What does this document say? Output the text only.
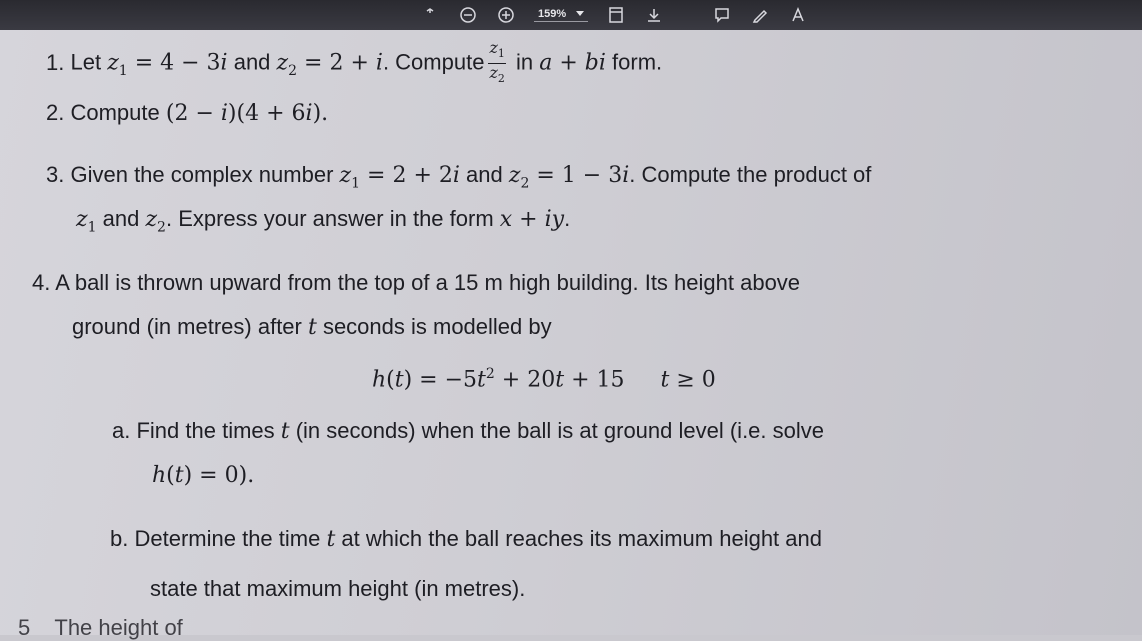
159%
1. Let $z_1 = 4 - 3i$ and $z_2 = 2 + i$. Compute $\frac{z_1}{z_2}$ in a + bi form.
2. Compute (2 − i)(4 + 6i).
3. Given the complex number $z_1 = 2 + 2i$ and $z_2 = 1 - 3i$. Compute the product of
$z_1$ and $z_2$. Express your answer in the form x + iy.
4. A ball is thrown upward from the top of a 15 m high building. Its height above
ground (in metres) after t seconds is modelled by
$h(t) = -5t^2 + 20t + 15$ t ≥ 0
a. Find the times t (in seconds) when the ball is at ground level (i.e. solve
h(t) = 0).
b. Determine the time t at which the ball reaches its maximum height and
state that maximum height (in metres).
5 The height of
